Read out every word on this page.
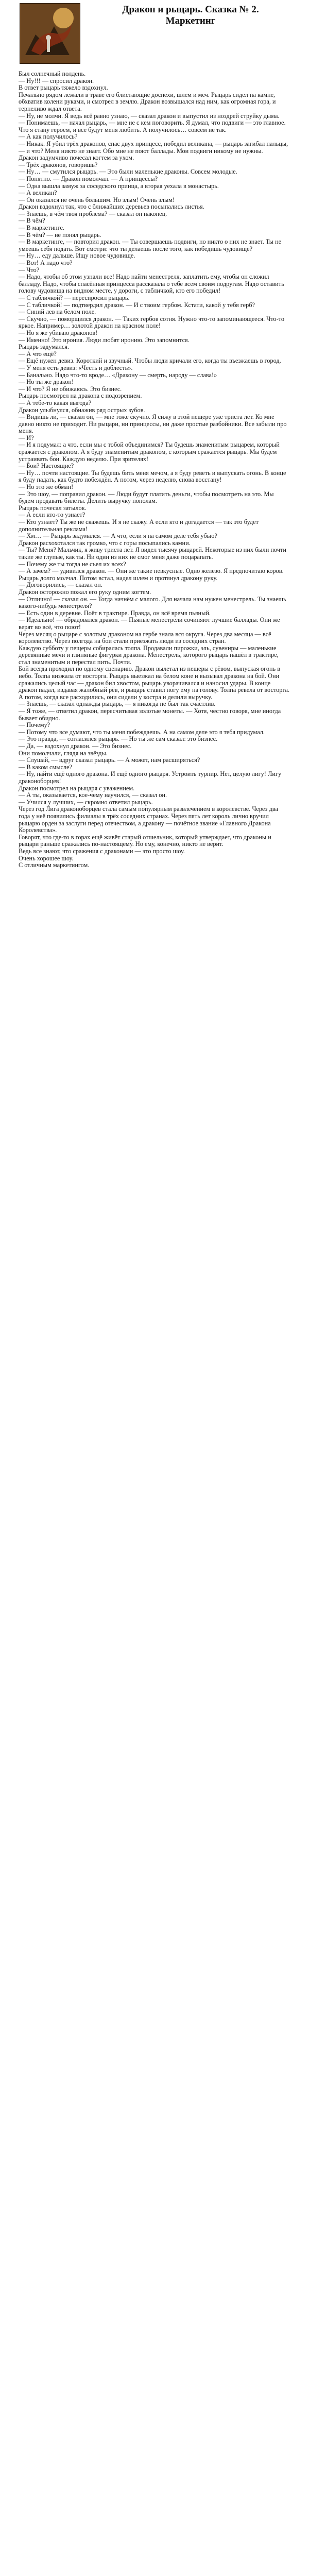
Дракон и рыцарь. Сказка № 2.

Маркетинг

Был солнечный полдень.

— Ну!!! — спросил дракон.

В ответ рыцарь тяжело вздохнул.

Печально рядом лежали в траве его блистающие доспехи, шлем и меч. Рыцарь сидел на камне, обхватив колени руками, и смотрел в землю. Дракон возвышался над ним, как огромная гора, и терпеливо ждал ответа.

— Ну, не молчи. Я ведь всё равно узнаю, — сказал дракон и выпустил из ноздрей струйку дыма.

— Понимаешь, — начал рыцарь, — мне не с кем поговорить. Я думал, что подвиги — это главное. Что я стану героем, и все будут меня любить. А получилось… совсем не так.

— А как получилось?

— Никак. Я убил трёх драконов, спас двух принцесс, победил великана, — рыцарь загибал пальцы, — и что? Меня никто не знает. Обо мне не поют баллады. Мои подвиги никому не нужны.

Дракон задумчиво почесал когтем за ухом.

— Трёх драконов, говоришь?

— Ну… — смутился рыцарь. — Это были маленькие драконы. Совсем молодые.

— Понятно. — Дракон помолчал. — А принцессы?

— Одна вышла замуж за соседского принца, а вторая уехала в монастырь.

— А великан?

— Он оказался не очень большим. Но злым! Очень злым!

Дракон вздохнул так, что с ближайших деревьев посыпались листья.

— Знаешь, в чём твоя проблема? — сказал он наконец.

— В чём?

— В маркетинге.

— В чём? — не понял рыцарь.

— В маркетинге, — повторил дракон. — Ты совершаешь подвиги, но никто о них не знает. Ты не умеешь себя подать. Вот смотри: что ты делаешь после того, как победишь чудовище?

— Ну… еду дальше. Ищу новое чудовище.

— Вот! А надо что?

— Что?

— Надо, чтобы об этом узнали все! Надо найти менестреля, заплатить ему, чтобы он сложил балладу. Надо, чтобы спасённая принцесса рассказала о тебе всем своим подругам. Надо оставить голову чудовища на видном месте, у дороги, с табличкой, кто его победил!

— С табличкой? — переспросил рыцарь.

— С табличкой! — подтвердил дракон. — И с твоим гербом. Кстати, какой у тебя герб?

— Синий лев на белом поле.

— Скучно, — поморщился дракон. — Таких гербов сотня. Нужно что-то запоминающееся. Что-то яркое. Например… золотой дракон на красном поле!

— Но я же убиваю драконов!

— Именно! Это ирония. Люди любят иронию. Это запомнится.

Рыцарь задумался.

— А что ещё?

— Ещё нужен девиз. Короткий и звучный. Чтобы люди кричали его, когда ты въезжаешь в город.

— У меня есть девиз: «Честь и доблесть».

— Банально. Надо что-то вроде… «Дракону — смерть, народу — слава!»

— Но ты же дракон!

— И что? Я не обижаюсь. Это бизнес.

Рыцарь посмотрел на дракона с подозрением.

— А тебе-то какая выгода?

Дракон улыбнулся, обнажив ряд острых зубов.

— Видишь ли, — сказал он, — мне тоже скучно. Я сижу в этой пещере уже триста лет. Ко мне давно никто не приходит. Ни рыцари, ни принцессы, ни даже простые разбойники. Все забыли про меня.

— И?

— И я подумал: а что, если мы с тобой объединимся? Ты будешь знаменитым рыцарем, который сражается с драконом. А я буду знаменитым драконом, с которым сражается рыцарь. Мы будем устраивать бои. Каждую неделю. При зрителях!

— Бои? Настоящие?

— Ну… почти настоящие. Ты будешь бить меня мечом, а я буду реветь и выпускать огонь. В конце я буду падать, как будто побеждён. А потом, через неделю, снова восстану!

— Но это же обман!

— Это шоу, — поправил дракон. — Люди будут платить деньги, чтобы посмотреть на это. Мы будем продавать билеты. Делить выручку пополам.

Рыцарь почесал затылок.

— А если кто-то узнает?

— Кто узнает? Ты же не скажешь. И я не скажу. А если кто и догадается — так это будет дополнительная реклама!

— Хм… — Рыцарь задумался. — А что, если я на самом деле тебя убью?

Дракон расхохотался так громко, что с горы посыпались камни.

— Ты? Меня? Мальчик, я живу триста лет. Я видел тысячу рыцарей. Некоторые из них были почти такие же глупые, как ты. Ни один из них не смог меня даже поцарапать.

— Почему же ты тогда не съел их всех?

— А зачем? — удивился дракон. — Они же такие невкусные. Одно железо. Я предпочитаю коров.

Рыцарь долго молчал. Потом встал, надел шлем и протянул дракону руку.

— Договорились, — сказал он.

Дракон осторожно пожал его руку одним когтем.

— Отлично! — сказал он. — Тогда начнём с малого. Для начала нам нужен менестрель. Ты знаешь какого-нибудь менестреля?

— Есть один в деревне. Поёт в трактире. Правда, он всё время пьяный.

— Идеально! — обрадовался дракон. — Пьяные менестрели сочиняют лучшие баллады. Они же верят во всё, что поют!

Через месяц о рыцаре с золотым драконом на гербе знала вся округа. Через два месяца — всё королевство. Через полгода на бои стали приезжать люди из соседних стран.

Каждую субботу у пещеры собиралась толпа. Продавали пирожки, эль, сувениры — маленькие деревянные мечи и глиняные фигурки дракона. Менестрель, которого рыцарь нашёл в трактире, стал знаменитым и перестал пить. Почти.

Бой всегда проходил по одному сценарию. Дракон вылетал из пещеры с рёвом, выпуская огонь в небо. Толпа визжала от восторга. Рыцарь выезжал на белом коне и вызывал дракона на бой. Они сражались целый час — дракон бил хвостом, рыцарь уворачивался и наносил удары. В конце дракон падал, издавая жалобный рёв, и рыцарь ставил ногу ему на голову. Толпа ревела от восторга.

А потом, когда все расходились, они сидели у костра и делили выручку.

— Знаешь, — сказал однажды рыцарь, — я никогда не был так счастлив.

— Я тоже, — ответил дракон, пересчитывая золотые монеты. — Хотя, честно говоря, мне иногда бывает обидно.

— Почему?

— Потому что все думают, что ты меня побеждаешь. А на самом деле это я тебя придумал.

— Это правда, — согласился рыцарь. — Но ты же сам сказал: это бизнес.

— Да, — вздохнул дракон. — Это бизнес.

Они помолчали, глядя на звёзды.

— Слушай, — вдруг сказал рыцарь. — А может, нам расширяться?

— В каком смысле?

— Ну, найти ещё одного дракона. И ещё одного рыцаря. Устроить турнир. Нет, целую лигу! Лигу драконоборцев!

Дракон посмотрел на рыцаря с уважением.

— А ты, оказывается, кое-чему научился, — сказал он.

— Учился у лучших, — скромно ответил рыцарь.

Через год Лига драконоборцев стала самым популярным развлечением в королевстве. Через два года у неё появились филиалы в трёх соседних странах. Через пять лет король лично вручил рыцарю орден за заслуги перед отечеством, а дракону — почётное звание «Главного Дракона Королевства».

Говорят, что где-то в горах ещё живёт старый отшельник, который утверждает, что драконы и рыцари раньше сражались по-настоящему. Но ему, конечно, никто не верит.

Ведь все знают, что сражения с драконами — это просто шоу.

Очень хорошее шоу.

С отличным маркетингом.
